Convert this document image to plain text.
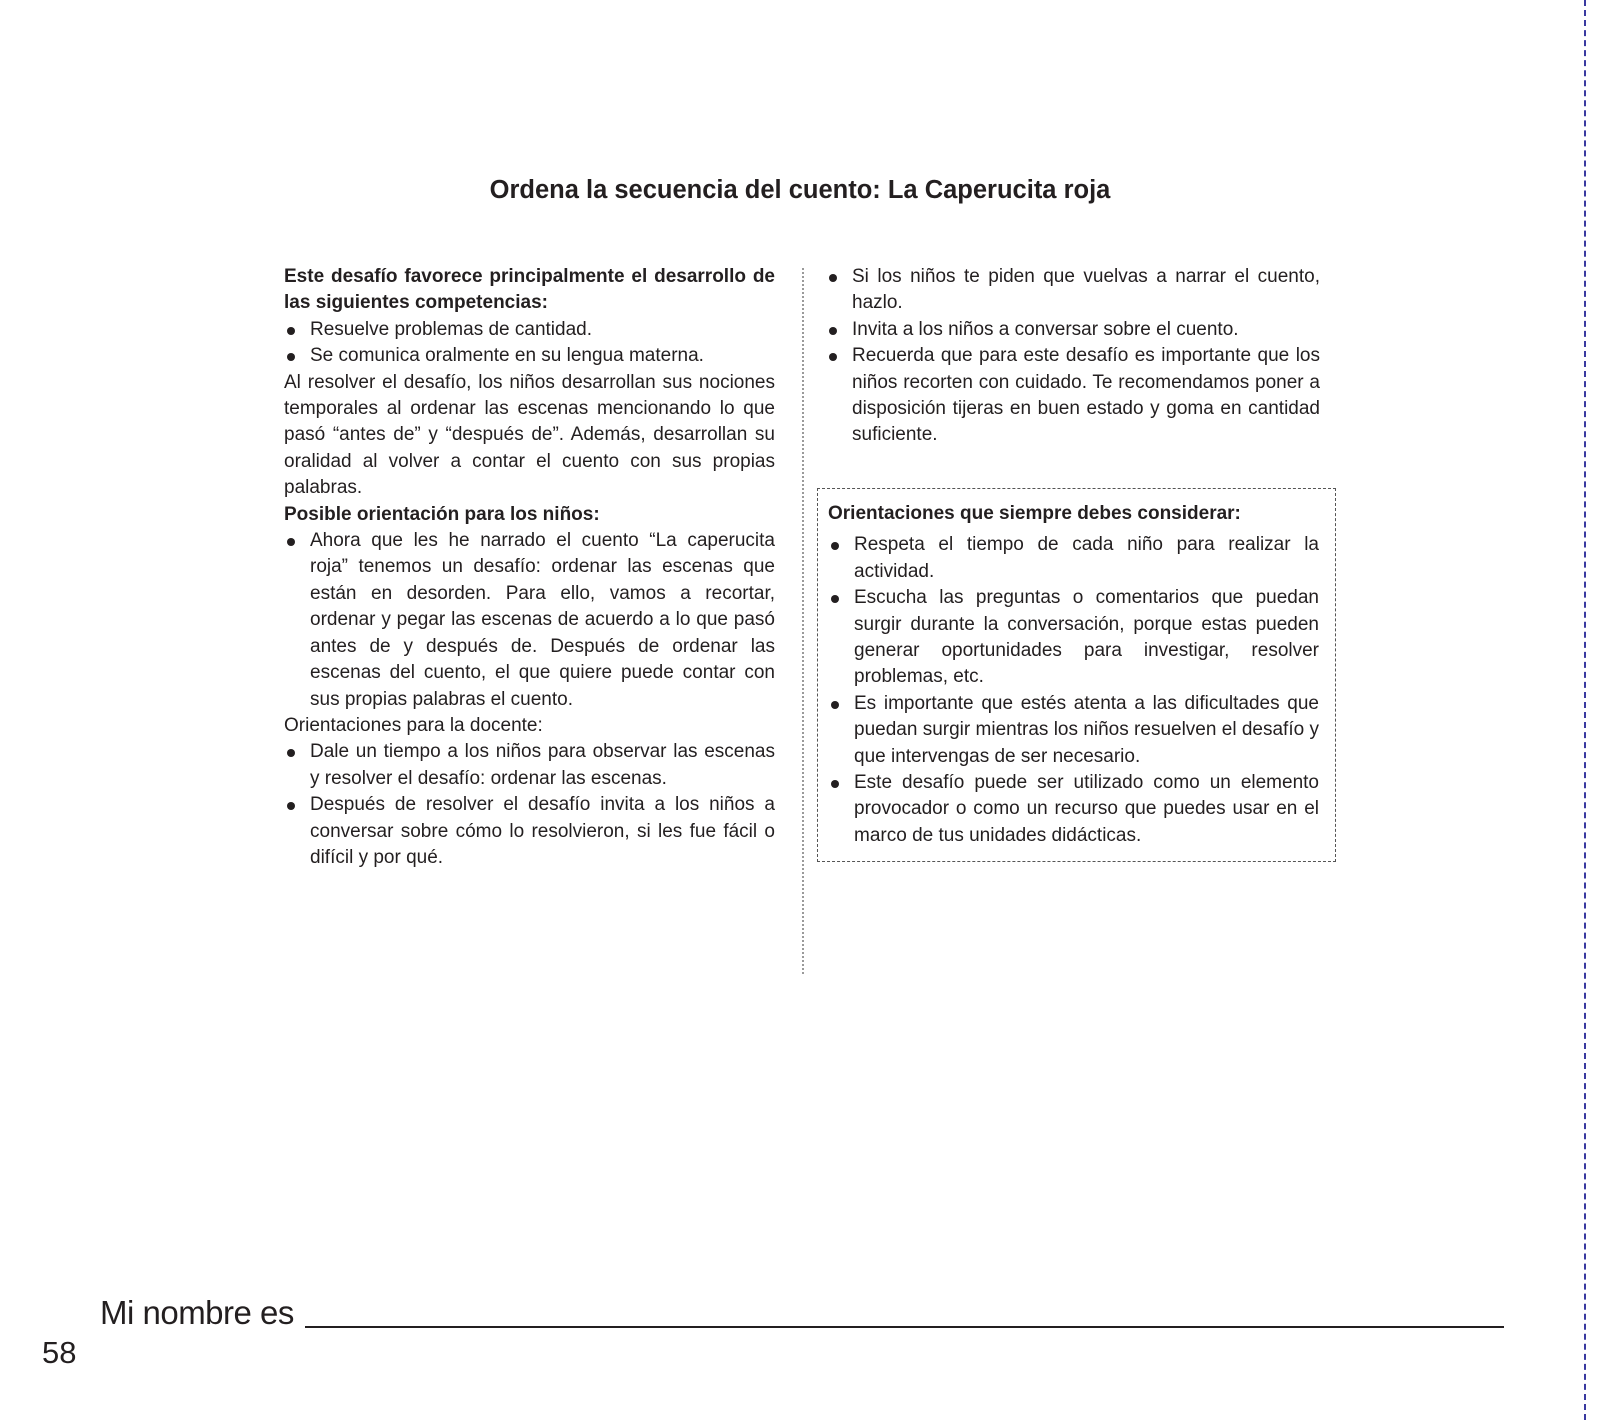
Ordena la secuencia del cuento: La Caperucita roja

Este desafío favorece principalmente el desarrollo de las siguientes competencias:

Resuelve problemas de cantidad.
Se comunica oralmente en su lengua materna.

Al resolver el desafío, los niños desarrollan sus nociones temporales al ordenar las escenas mencionando lo que pasó “antes de” y “después de”. Además, desarrollan su oralidad al volver a contar el cuento con sus propias palabras.

Posible orientación para los niños:

Ahora que les he narrado el cuento “La caperucita roja” tenemos un desafío: ordenar las escenas que están en desorden. Para ello, vamos a recortar, ordenar y pegar las escenas de acuerdo a lo que pasó antes de y después de. Después de ordenar las escenas del cuento, el que quiere puede contar con sus propias palabras el cuento.

Orientaciones para la docente:

Dale un tiempo a los niños para observar las escenas y resolver el desafío: ordenar las escenas.
Después de resolver el desafío invita a los niños a conversar sobre cómo lo resolvieron, si les fue fácil o difícil y por qué.
Si los niños te piden que vuelvas a narrar el cuento, hazlo.
Invita a los niños a conversar sobre el cuento.
Recuerda que para este desafío es importante que los niños recorten con cuidado. Te recomendamos poner a disposición tijeras en buen estado y goma en cantidad suficiente.

Orientaciones que siempre debes considerar:

Respeta el tiempo de cada niño para realizar la actividad.
Escucha las preguntas o comentarios que puedan surgir durante la conversación, porque estas pueden generar oportunidades para investigar, resolver problemas, etc.
Es importante que estés atenta a las dificultades que puedan surgir mientras los niños resuelven el desafío y que intervengas de ser necesario.
Este desafío puede ser utilizado como un elemento provocador o como un recurso que puedes usar en el marco de tus unidades didácticas.
Mi nombre es
58
